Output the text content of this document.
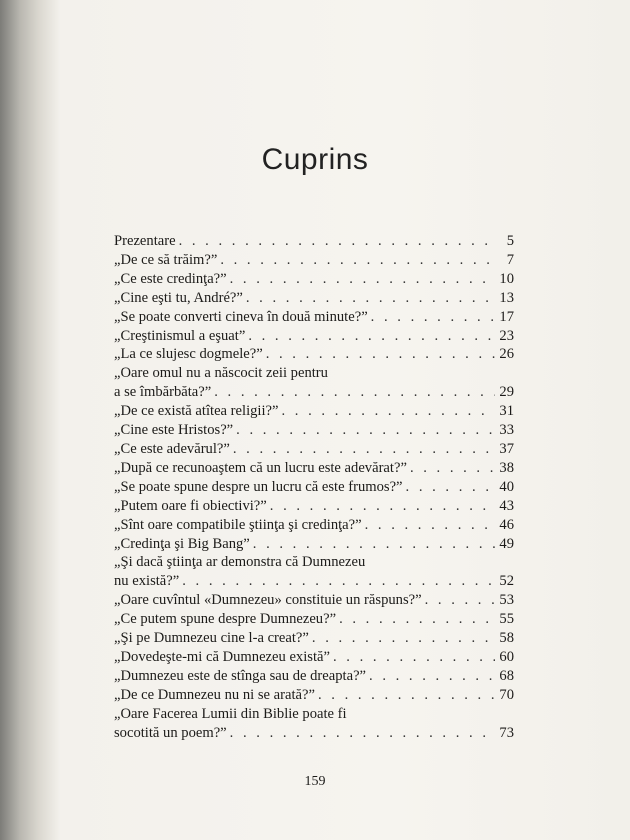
Cuprins
Prezentare . . .	5
„De ce să trăim?” . . .	7
„Ce este credinţa?” . . .	10
„Cine eşti tu, André?” . . .	13
„Se poate converti cineva în două minute?” . . .	17
„Creştinismul a eşuat” . . .	23
„La ce slujesc dogmele?” . . .	26
„Oare omul nu a născocit zeii pentru
a se îmbărbăta?” . . .	29
„De ce există atîtea religii?” . . .	31
„Cine este Hristos?” . . .	33
„Ce este adevărul?” . . .	37
„După ce recunoaştem că un lucru este adevărat?” . . .	38
„Se poate spune despre un lucru că este frumos?” . . .	40
„Putem oare fi obiectivi?” . . .	43
„Sînt oare compatibile ştiinţa şi credinţa?” . . .	46
„Credinţa şi Big Bang” . . .	49
„Şi dacă ştiinţa ar demonstra că Dumnezeu
nu există?” . . .	52
„Oare cuvîntul «Dumnezeu» constituie un răspuns?” . . .	53
„Ce putem spune despre Dumnezeu?” . . .	55
„Şi pe Dumnezeu cine l-a creat?” . . .	58
„Dovedeşte-mi că Dumnezeu există” . . .	60
„Dumnezeu este de stînga sau de dreapta?” . . .	68
„De ce Dumnezeu nu ni se arată?” . . .	70
„Oare Facerea Lumii din Biblie poate fi
socotită un poem?” . . .	73
159
